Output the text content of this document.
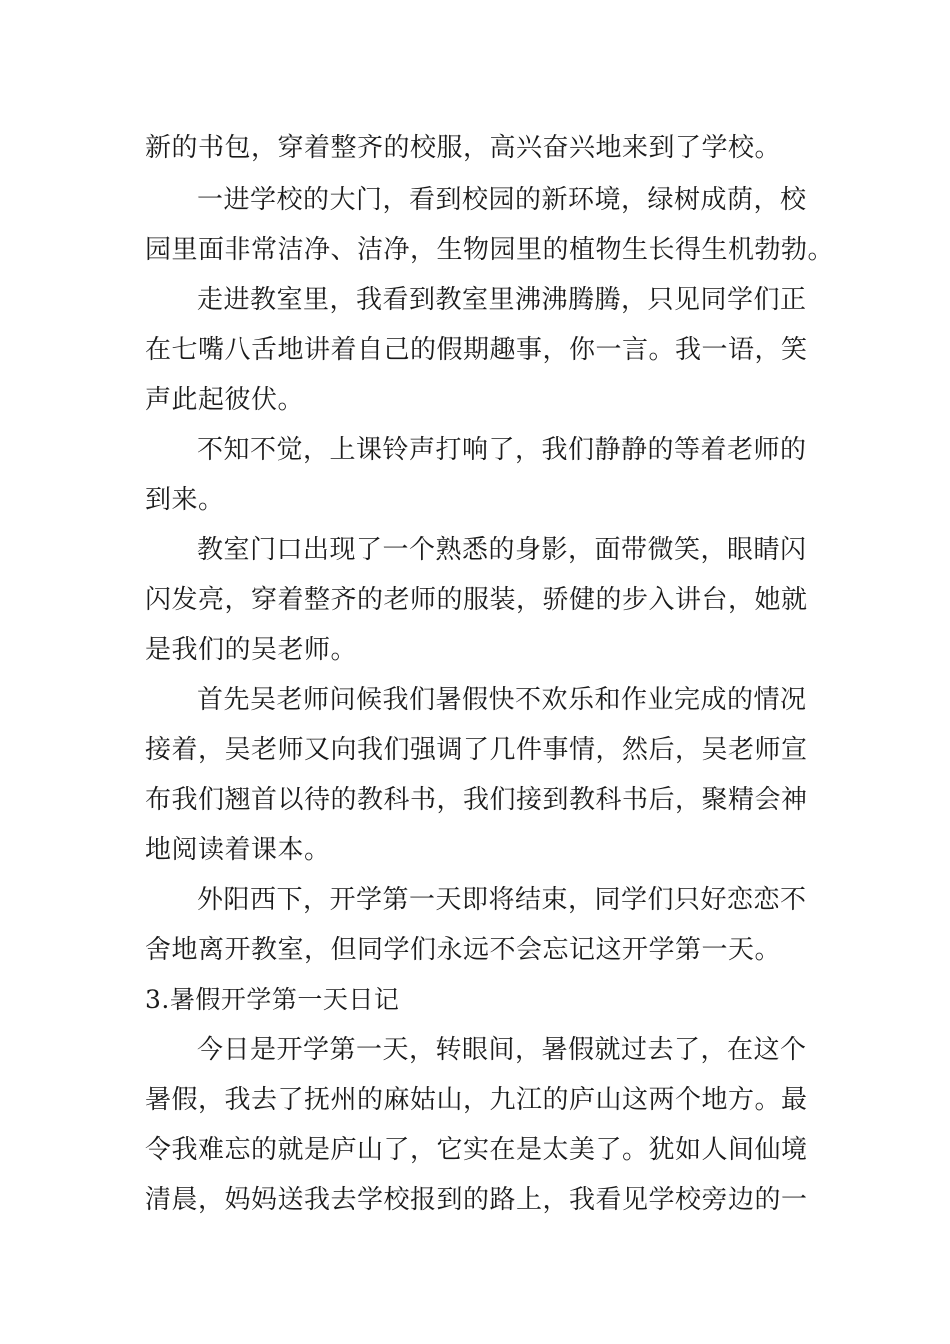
新的书包，穿着整齐的校服，高兴奋兴地来到了学校。
一进学校的大门，看到校园的新环境，绿树成荫，校
园里面非常洁净、洁净，生物园里的植物生长得生机勃勃。
走进教室里，我看到教室里沸沸腾腾，只见同学们正
在七嘴八舌地讲着自己的假期趣事，你一言。我一语，笑
声此起彼伏。
不知不觉，上课铃声打响了，我们静静的等着老师的
到来。
教室门口出现了一个熟悉的身影，面带微笑，眼睛闪
闪发亮，穿着整齐的老师的服装，骄健的步入讲台，她就
是我们的吴老师。
首先吴老师问候我们暑假快不欢乐和作业完成的情况
接着，吴老师又向我们强调了几件事情，然后，吴老师宣
布我们翘首以待的教科书，我们接到教科书后，聚精会神
地阅读着课本。
外阳西下，开学第一天即将结束，同学们只好恋恋不
舍地离开教室，但同学们永远不会忘记这开学第一天。
3.暑假开学第一天日记
今日是开学第一天，转眼间，暑假就过去了，在这个
暑假，我去了抚州的麻姑山，九江的庐山这两个地方。最
令我难忘的就是庐山了，它实在是太美了。犹如人间仙境
清晨，妈妈送我去学校报到的路上，我看见学校旁边的一
